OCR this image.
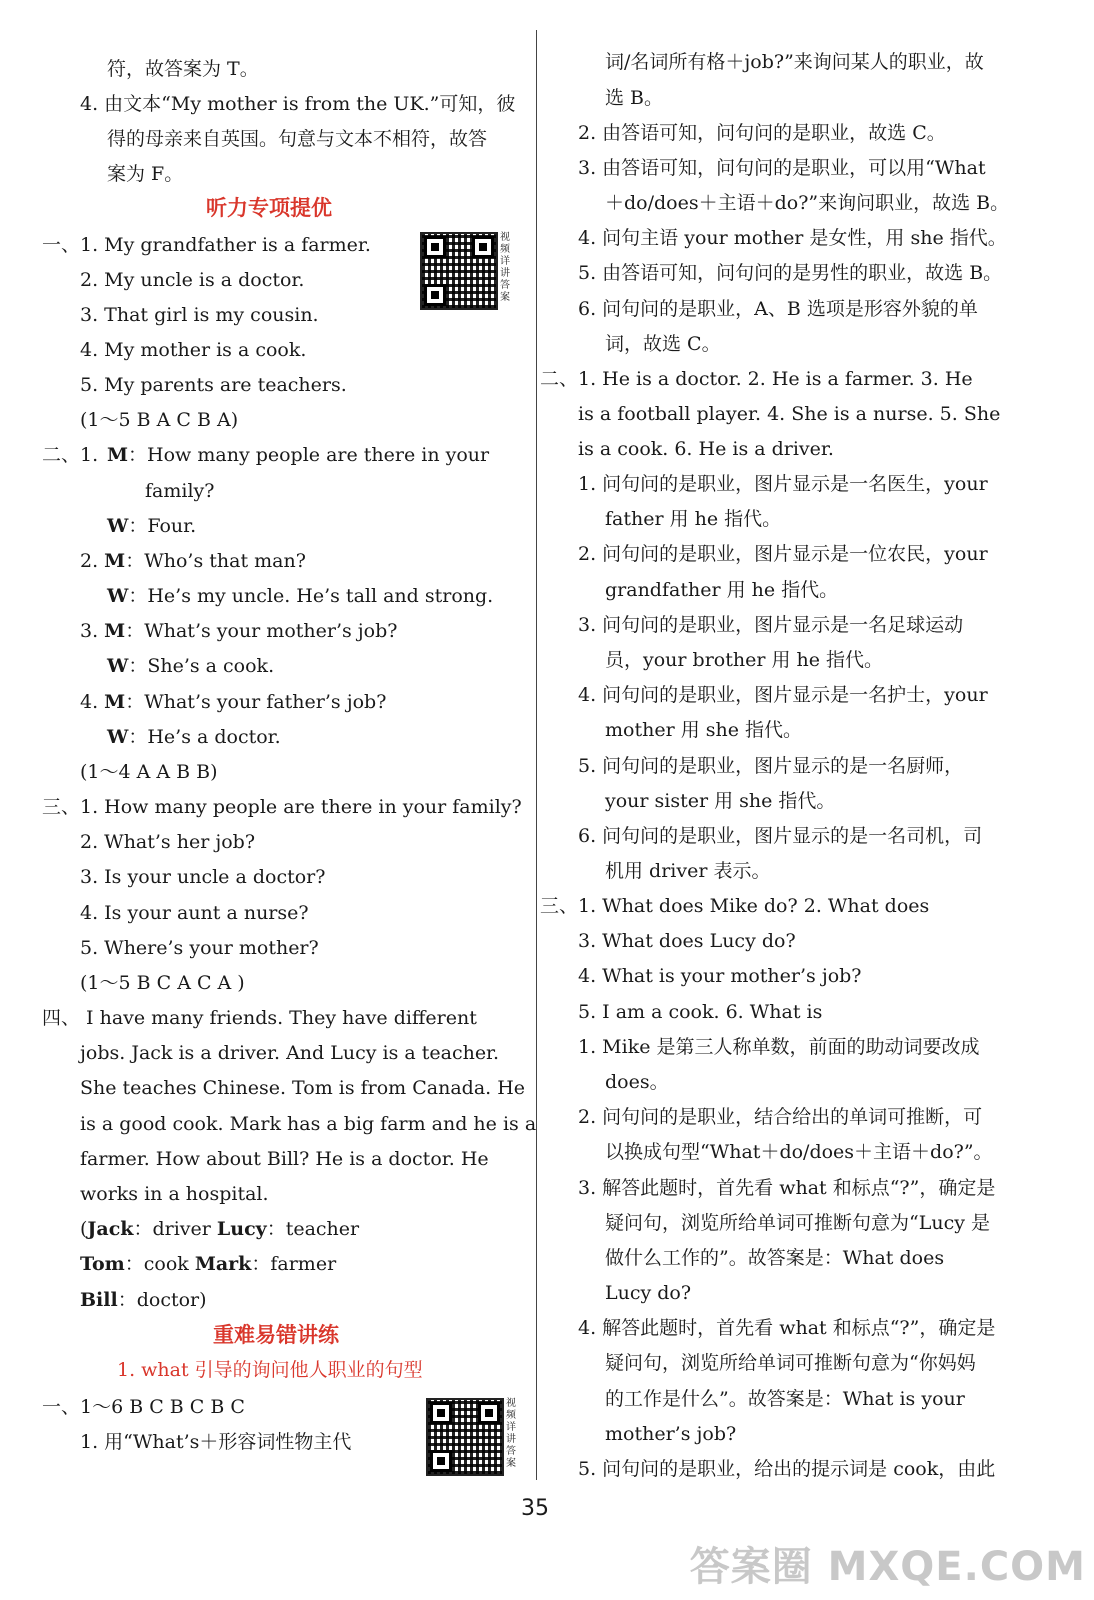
符，故答案为 T。
4. 由文本“My mother is from the UK.”可知，彼
得的母亲来自英国。句意与文本不相符，故答
案为 F。
一、1. My grandfather is a farmer.
2. My uncle is a doctor.
3. That girl is my cousin.
4. My mother is a cook.
5. My parents are teachers.
(1～5 B A C B A)
M：How many people are there in your
family?
W：Four.
2. M：Who’s that man?
W：He’s my uncle. He’s tall and strong.
3. M：What’s your mother’s job?
W：She’s a cook.
4. M：What’s your father’s job?
W：He’s a doctor.
(1～4 A A B B)
三、1. How many people are there in your family?
2. What’s her job?
3. Is your uncle a doctor?
4. Is your aunt a nurse?
5. Where’s your mother?
(1～5 B C A C A )
四、 I have many friends. They have different
jobs. Jack is a driver. And Lucy is a teacher.
She teaches Chinese. Tom is from Canada. He
is a good cook. Mark has a big farm and he is a
farmer. How about Bill? He is a doctor. He
works in a hospital.
(Jack：driver Lucy：teacher
Tom：cook Mark：farmer
Bill：doctor)
一、1～6 B C B C B C
1. 用“What’s＋形容词性物主代
二、1.
词/名词所有格＋job?”来询问某人的职业，故
选 B。
2. 由答语可知，问句问的是职业，故选 C。
3. 由答语可知，问句问的是职业，可以用“What
＋do/does＋主语＋do?”来询问职业，故选 B。
4. 问句主语 your mother 是女性，用 she 指代。
5. 由答语可知，问句问的是男性的职业，故选 B。
6. 问句问的是职业，A、B 选项是形容外貌的单
词，故选 C。
二、1. He is a doctor. 2. He is a farmer. 3. He
is a football player. 4. She is a nurse. 5. She
is a cook. 6. He is a driver.
1. 问句问的是职业，图片显示是一名医生，your
father 用 he 指代。
2. 问句问的是职业，图片显示是一位农民，your
grandfather 用 he 指代。
3. 问句问的是职业，图片显示是一名足球运动
员，your brother 用 he 指代。
4. 问句问的是职业，图片显示是一名护士，your
mother 用 she 指代。
5. 问句问的是职业，图片显示的是一名厨师，
your sister 用 she 指代。
6. 问句问的是职业，图片显示的是一名司机，司
机用 driver 表示。
三、1. What does Mike do? 2. What does
3. What does Lucy do?
4. What is your mother’s job?
5. I am a cook. 6. What is
1. Mike 是第三人称单数，前面的助动词要改成
does。
2. 问句问的是职业，结合给出的单词可推断，可
以换成句型“What＋do/does＋主语＋do?”。
3. 解答此题时，首先看 what 和标点“?”，确定是
疑问句，浏览所给单词可推断句意为“Lucy 是
做什么工作的”。故答案是：What does
Lucy do?
4. 解答此题时，首先看 what 和标点“?”，确定是
疑问句，浏览所给单词可推断句意为“你妈妈
的工作是什么”。故答案是：What is your
mother’s job?
5. 问句问的是职业，给出的提示词是 cook，由此
听力专项提优
重难易错讲练
1. what 引导的询问他人职业的句型
视频详讲答案
视频详讲答案
35
答案圈 MXQE.COM
